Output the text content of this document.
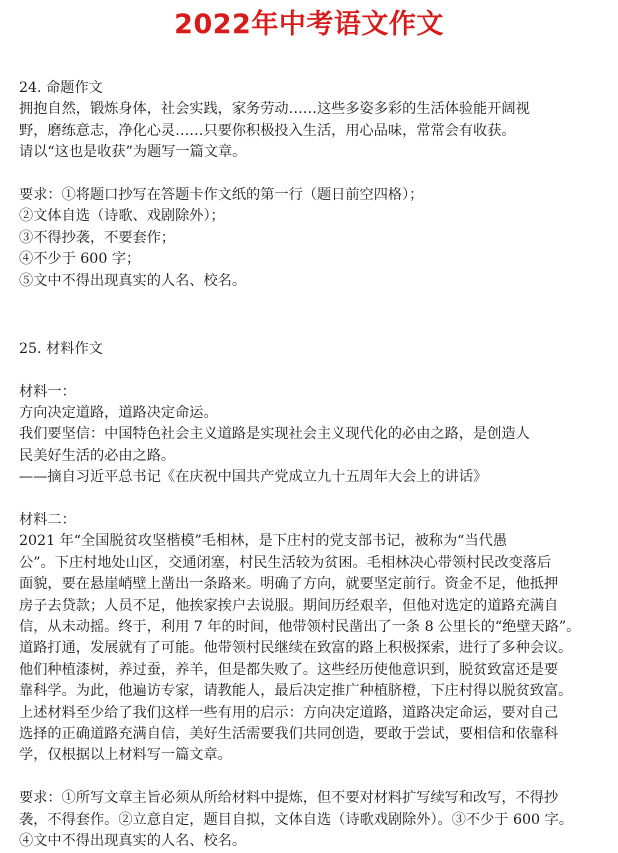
2022年中考语文作文
24. 命题作文
拥抱自然，锻炼身体，社会实践，家务劳动……这些多姿多彩的生活体验能开阔视
野，磨练意志，净化心灵……只要你积极投入生活，用心品味，常常会有收获。
请以“这也是收获”为题写一篇文章。
要求：①将题口抄写在答题卡作文纸的第一行（题日前空四格）；
②文体自选（诗歌、戏剧除外）；
③不得抄袭，不要套作；
④不少于 600 字；
⑤文中不得出现真实的人名、校名。
25. 材料作文
材料一：
方向决定道路，道路决定命运。
我们要坚信：中国特色社会主义道路是实现社会主义现代化的必由之路，是创造人
民美好生活的必由之路。
——摘自习近平总书记《在庆祝中国共产党成立九十五周年大会上的讲话》
材料二：
2021 年“全国脱贫攻坚楷模”毛相林，是下庄村的党支部书记，被称为“当代愚
公”。下庄村地处山区，交通闭塞，村民生活较为贫困。毛相林决心带领村民改变落后
面貌，要在悬崖峭壁上凿出一条路来。明确了方向，就要坚定前行。资金不足，他抵押
房子去贷款；人员不足，他挨家挨户去说服。期间历经艰辛，但他对选定的道路充满自
信，从未动摇。终于，利用 7 年的时间，他带领村民凿出了一条 8 公里长的“绝壁天路”。
道路打通，发展就有了可能。他带领村民继续在致富的路上积极探索，进行了多种会议。
他们种植漆树，养过蚕，养羊，但是都失败了。这些经历使他意识到，脱贫致富还是要
靠科学。为此，他遍访专家，请教能人，最后决定推广种植脐橙，下庄村得以脱贫致富。
上述材料至少给了我们这样一些有用的启示：方向决定道路，道路决定命运，要对自己
选择的正确道路充满自信，美好生活需要我们共同创造，要敢于尝试，要相信和依靠科
学，仅根据以上材料写一篇文章。
要求：①所写文章主旨必须从所给材料中提炼，但不要对材料扩写续写和改写，不得抄
袭，不得套作。②立意自定，题目自拟，文体自选（诗歌戏剧除外）。③不少于 600 字。
④文中不得出现真实的人名、校名。
